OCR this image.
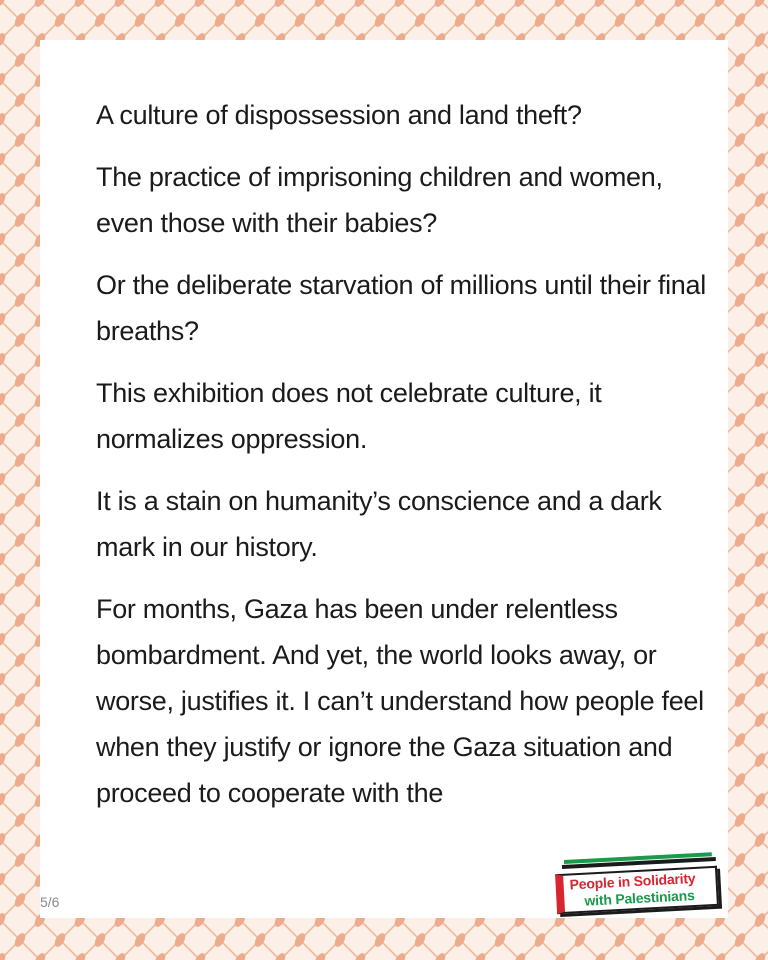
A culture of dispossession and land theft?

The practice of imprisoning children and women, even those with their babies?

Or the deliberate starvation of millions until their final breaths?

This exhibition does not celebrate culture, it normalizes oppression.

It is a stain on humanity’s conscience and a dark mark in our history.

For months, Gaza has been under relentless bombardment. And yet, the world looks away, or worse, justifies it. I can’t understand how people feel when they justify or ignore the Gaza situation and proceed to cooperate with the

5/6
People in Solidarity
with Palestinians
